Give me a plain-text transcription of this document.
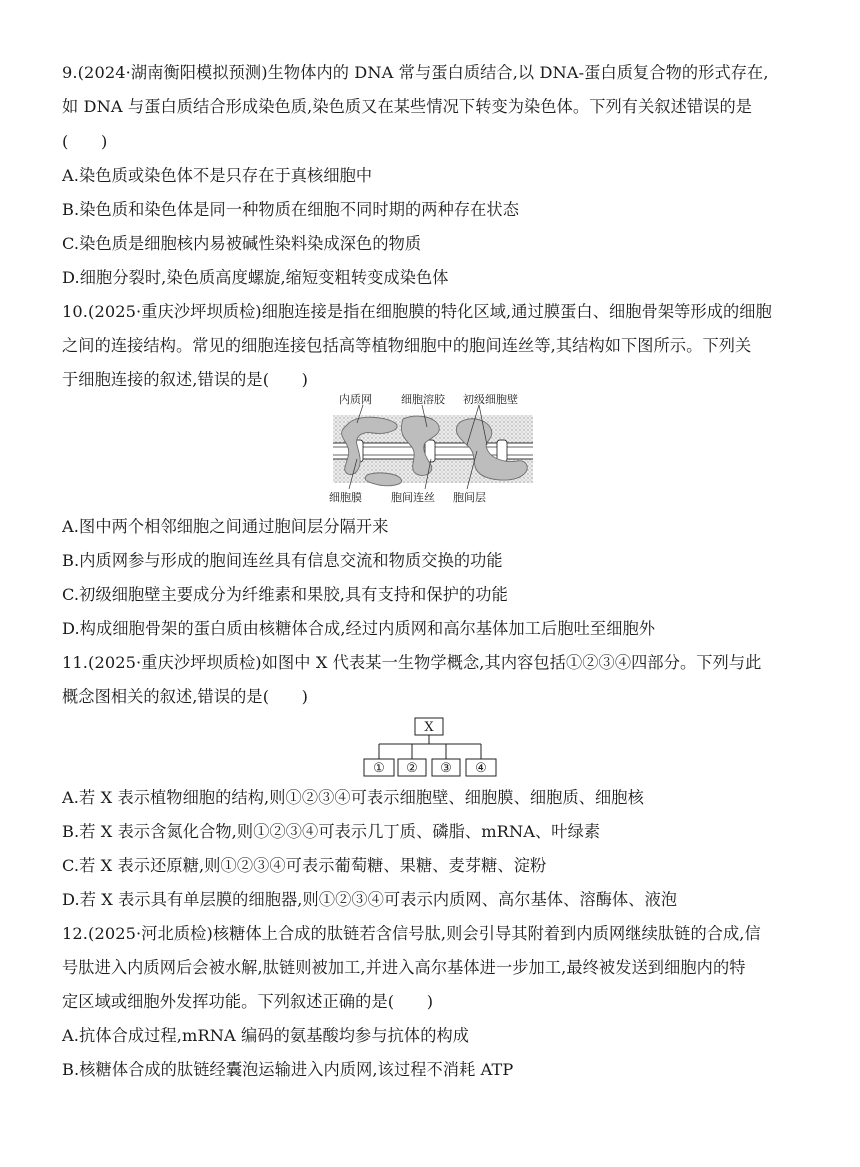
9.(2024·湖南衡阳模拟预测)生物体内的 DNA 常与蛋白质结合,以 DNA-蛋白质复合物的形式存在,
如 DNA 与蛋白质结合形成染色质,染色质又在某些情况下转变为染色体。下列有关叙述错误的是
(　　)
A.染色质或染色体不是只存在于真核细胞中
B.染色质和染色体是同一种物质在细胞不同时期的两种存在状态
C.染色质是细胞核内易被碱性染料染成深色的物质
D.细胞分裂时,染色质高度螺旋,缩短变粗转变成染色体
10.(2025·重庆沙坪坝质检)细胞连接是指在细胞膜的特化区域,通过膜蛋白、细胞骨架等形成的细胞
之间的连接结构。常见的细胞连接包括高等植物细胞中的胞间连丝等,其结构如下图所示。下列关
于细胞连接的叙述,错误的是(　　)
内质网	细胞溶胶 初级细胞壁
细胞膜	胞间连丝 胞间层
A.图中两个相邻细胞之间通过胞间层分隔开来
B.内质网参与形成的胞间连丝具有信息交流和物质交换的功能
C.初级细胞壁主要成分为纤维素和果胶,具有支持和保护的功能
D.构成细胞骨架的蛋白质由核糖体合成,经过内质网和高尔基体加工后胞吐至细胞外
11.(2025·重庆沙坪坝质检)如图中 X 代表某一生物学概念,其内容包括①②③④四部分。下列与此
概念图相关的叙述,错误的是(　　)
X
① ② ③ ④
A.若 X 表示植物细胞的结构,则①②③④可表示细胞壁、细胞膜、细胞质、细胞核
B.若 X 表示含氮化合物,则①②③④可表示几丁质、磷脂、mRNA、叶绿素
C.若 X 表示还原糖,则①②③④可表示葡萄糖、果糖、麦芽糖、淀粉
D.若 X 表示具有单层膜的细胞器,则①②③④可表示内质网、高尔基体、溶酶体、液泡
12.(2025·河北质检)核糖体上合成的肽链若含信号肽,则会引导其附着到内质网继续肽链的合成,信
号肽进入内质网后会被水解,肽链则被加工,并进入高尔基体进一步加工,最终被发送到细胞内的特
定区域或细胞外发挥功能。下列叙述正确的是(　　)
A.抗体合成过程,mRNA 编码的氨基酸均参与抗体的构成
B.核糖体合成的肽链经囊泡运输进入内质网,该过程不消耗 ATP
